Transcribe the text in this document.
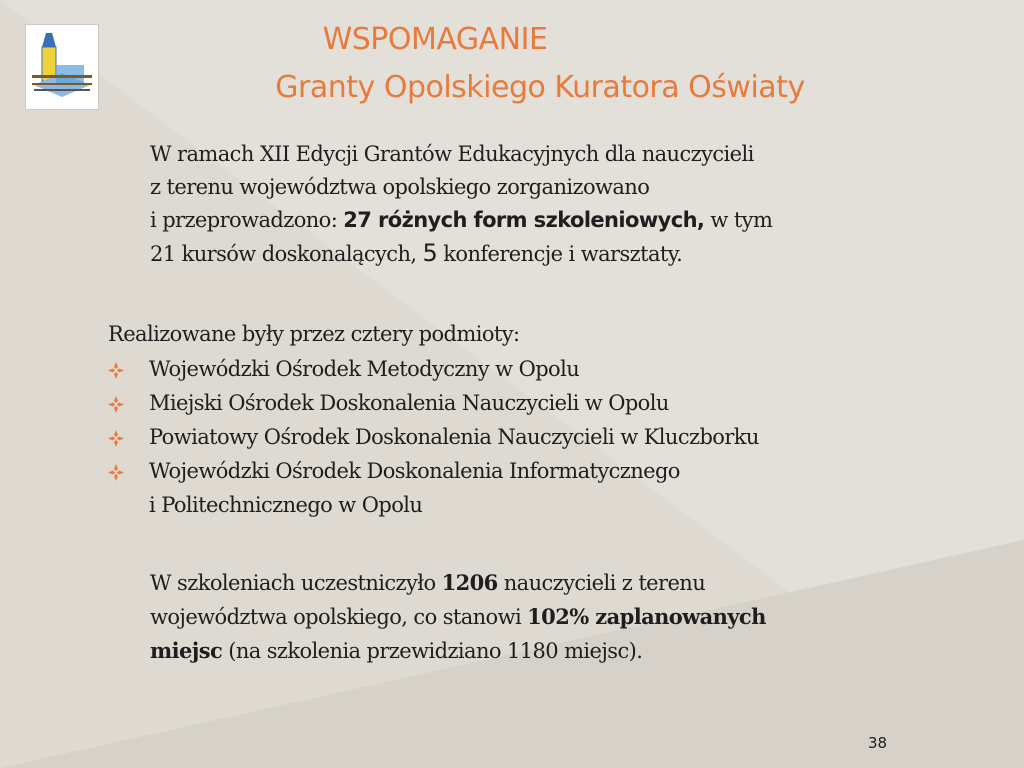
WSPOMAGANIE
Granty Opolskiego Kuratora Oświaty
W ramach XII Edycji Grantów Edukacyjnych dla nauczycieli
z terenu województwa opolskiego zorganizowano
i przeprowadzono: 27 różnych form szkoleniowych, w tym
21 kursów doskonalących, 5 konferencje i warsztaty.
Realizowane były przez cztery podmioty:
Wojewódzki Ośrodek Metodyczny w Opolu
Miejski Ośrodek Doskonalenia Nauczycieli w Opolu
Powiatowy Ośrodek Doskonalenia Nauczycieli w Kluczborku
Wojewódzki Ośrodek Doskonalenia Informatycznego
i Politechnicznego w Opolu
W szkoleniach uczestniczyło 1206 nauczycieli z terenu
województwa opolskiego, co stanowi 102% zaplanowanych
miejsc (na szkolenia przewidziano 1180 miejsc).
38
